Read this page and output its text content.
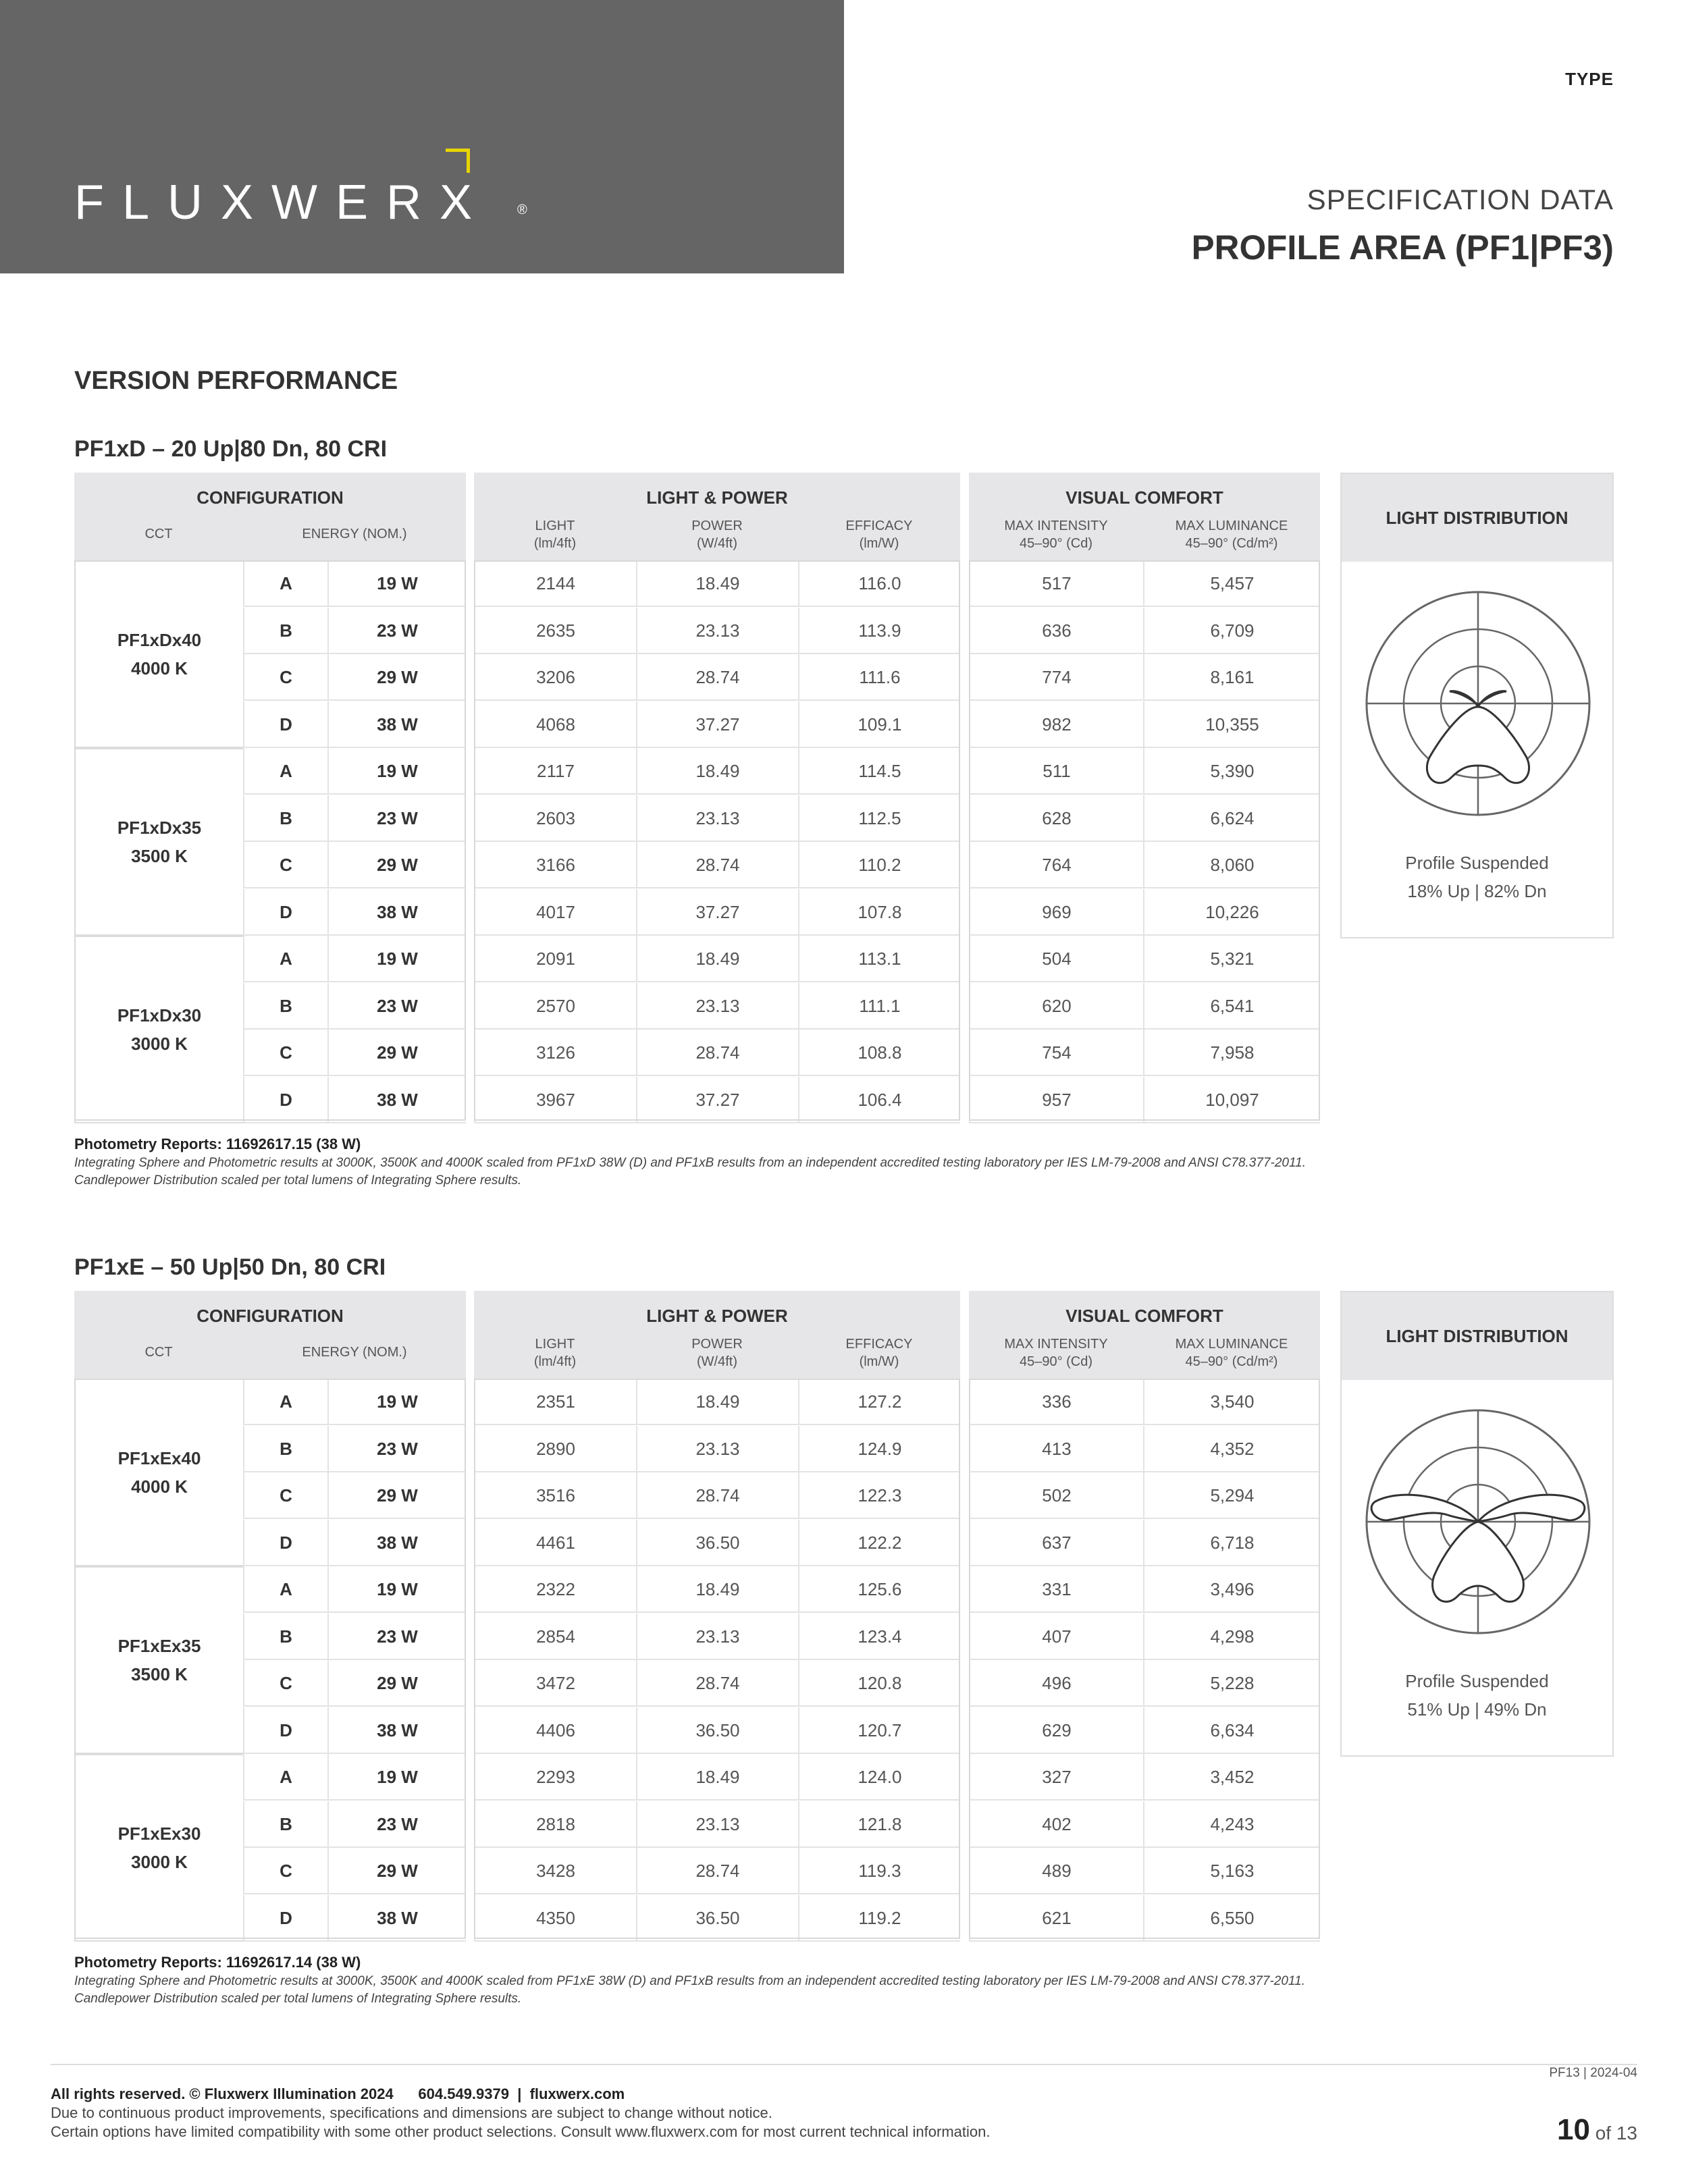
FLUXWERX ®
TYPE
SPECIFICATION DATA
PROFILE AREA (PF1|PF3)
VERSION PERFORMANCE
PF1xD – 20 Up|80 Dn, 80 CRI
CONFIGURATION
CCT	ENERGY (NOM.)
LIGHT & POWER
LIGHT
(lm/4ft)
POWER
(W/4ft)
EFFICACY
(lm/W)
VISUAL COMFORT
MAX INTENSITY
45–90° (Cd)
MAX LUMINANCE
45–90° (Cd/m²)
PF1xDx40
4000 K
A	19 W	2144	18.49	116.0	517	5,457
B	23 W	2635	23.13	113.9	636	6,709
C	29 W	3206	28.74	111.6	774	8,161
D	38 W	4068	37.27	109.1	982	10,355
PF1xDx35
3500 K
A	19 W	2117	18.49	114.5	511	5,390
B	23 W	2603	23.13	112.5	628	6,624
C	29 W	3166	28.74	110.2	764	8,060
D	38 W	4017	37.27	107.8	969	10,226
PF1xDx30
3000 K
A	19 W	2091	18.49	113.1	504	5,321
B	23 W	2570	23.13	111.1	620	6,541
C	29 W	3126	28.74	108.8	754	7,958
D	38 W	3967	37.27	106.4	957	10,097
LIGHT DISTRIBUTION
Profile Suspended
18% Up | 82% Dn
Photometry Reports: 11692617.15 (38 W)
Integrating Sphere and Photometric results at 3000K, 3500K and 4000K scaled from PF1xD 38W (D) and PF1xB results from an independent accredited testing laboratory per IES LM-79-2008 and ANSI C78.377-2011.
Candlepower Distribution scaled per total lumens of Integrating Sphere results.
PF1xE – 50 Up|50 Dn, 80 CRI
CONFIGURATION
CCT	ENERGY (NOM.)
LIGHT & POWER
LIGHT
(lm/4ft)
POWER
(W/4ft)
EFFICACY
(lm/W)
VISUAL COMFORT
MAX INTENSITY
45–90° (Cd)
MAX LUMINANCE
45–90° (Cd/m²)
PF1xEx40
4000 K
A	19 W	2351	18.49	127.2	336	3,540
B	23 W	2890	23.13	124.9	413	4,352
C	29 W	3516	28.74	122.3	502	5,294
D	38 W	4461	36.50	122.2	637	6,718
PF1xEx35
3500 K
A	19 W	2322	18.49	125.6	331	3,496
B	23 W	2854	23.13	123.4	407	4,298
C	29 W	3472	28.74	120.8	496	5,228
D	38 W	4406	36.50	120.7	629	6,634
PF1xEx30
3000 K
A	19 W	2293	18.49	124.0	327	3,452
B	23 W	2818	23.13	121.8	402	4,243
C	29 W	3428	28.74	119.3	489	5,163
D	38 W	4350	36.50	119.2	621	6,550
LIGHT DISTRIBUTION
Profile Suspended
51% Up | 49% Dn
Photometry Reports: 11692617.14 (38 W)
Integrating Sphere and Photometric results at 3000K, 3500K and 4000K scaled from PF1xE 38W (D) and PF1xB results from an independent accredited testing laboratory per IES LM-79-2008 and ANSI C78.377-2011.
Candlepower Distribution scaled per total lumens of Integrating Sphere results.

All rights reserved. © Fluxwerx Illumination 2024 604.549.9379  |  fluxwerx.com

Due to continuous product improvements, specifications and dimensions are subject to change without notice.

Certain options have limited compatibility with some other product selections. Consult www.fluxwerx.com for most current technical information.

PF13 | 2024-04
10 of 13
